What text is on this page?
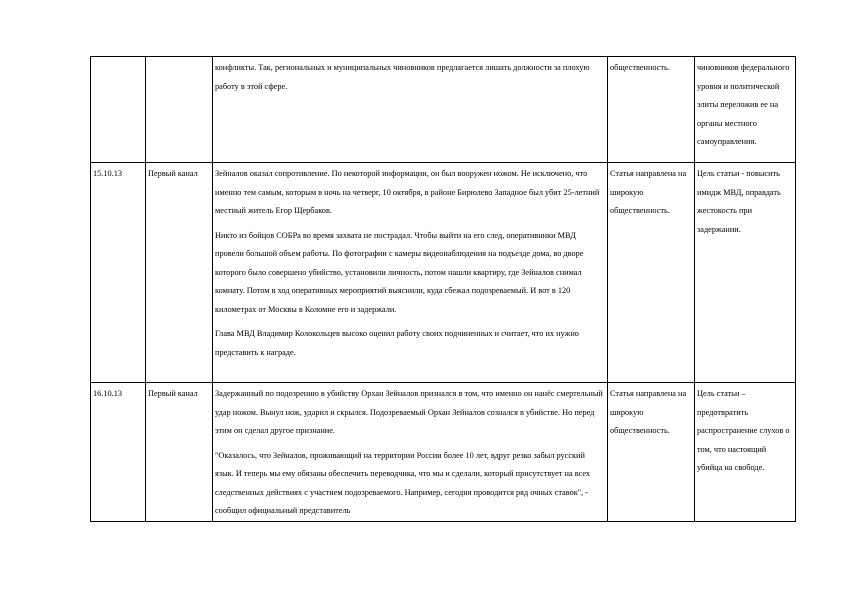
		конфликты. Так, региональных и муниципальных чиновников предлагается лишать должности за плохую работу в этой сфере.	общественность.	чиновников федерального уровня и политической элиты переложив ее на органы местного самоуправления.
15.10.13	Первый канал	Зейналов оказал сопротивление. По некоторой информации, он был вооружен ножом. Не исключено, что именно тем самым, которым в ночь на четверг, 10 октября, в районе Бирюлево Западное был убит 25-летний местный житель Егор Щербаков.
Никто из бойцов СОБРа во время захвата не пострадал. Чтобы выйти на его след, оперативники МВД провели большой объем работы. По фотографии с камеры видеонаблюдения на подъезде дома, во дворе которого было совершено убийство, установили личность, потом нашли квартиру, где Зейналов снимал комнату. Потом в ход оперативных мероприятий выяснили, куда сбежал подозреваемый. И вот в 120 километрах от Москвы в Коломне его и задержали.
Глава МВД Владимир Колокольцев высоко оценил работу своих подчиненных и считает, что их нужно представить к награде.	Статья направлена на широкую общественность.	Цель статьи - повысить имидж МВД, оправдать жестокость при задержании.
16.10.13	Первый канал	Задержанный по подозрению в убийству Орхан Зейналов признался в том, что именно он нанёс смертельный удар ножом. Вынул нож, ударил и скрылся. Подозреваемый Орхан Зейналов сознался в убийстве. Но перед этим он сделал другое признание.
"Оказалось, что Зейналов, проживающий на территории России более 10 лет, вдруг резко забыл русский язык. И теперь мы ему обязаны обеспечить переводчика, что мы и сделали, который присутствует на всех следственных действиях с участием подозреваемого. Например, сегодня проводится ряд очных ставок", - сообщил официальный представитель	Статья направлена на широкую общественность.	Цель статьи – предотвратить распространение слухов о том, что настоящий убийца на свободе.
